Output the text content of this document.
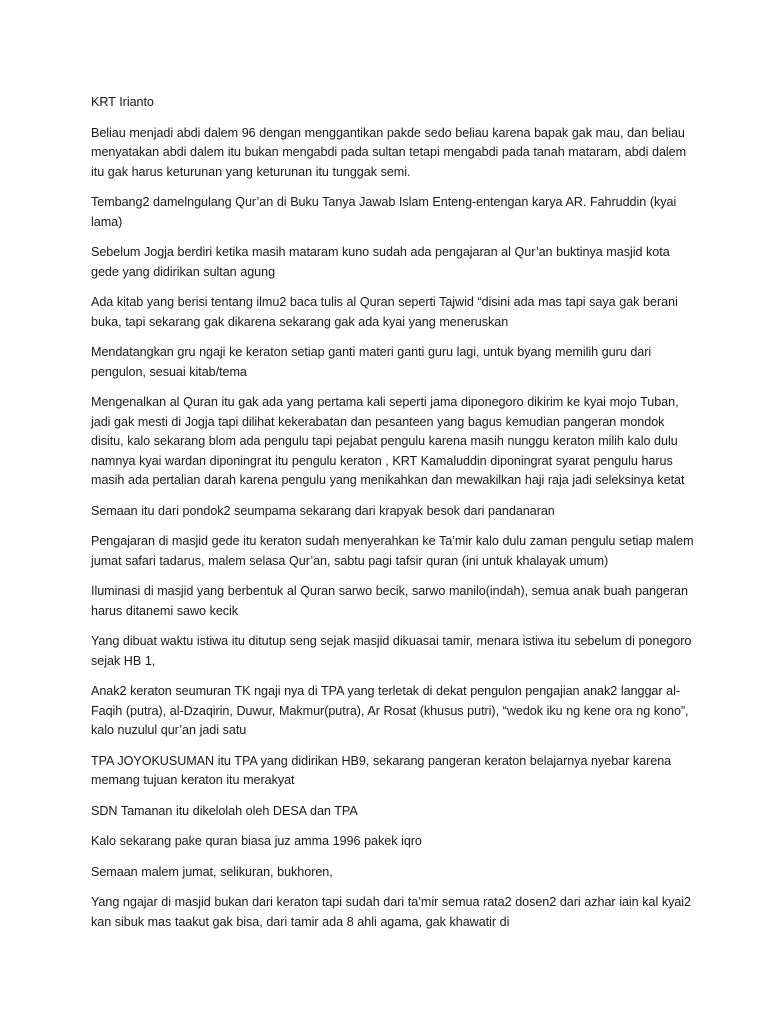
KRT Irianto

Beliau menjadi abdi dalem 96 dengan menggantikan pakde sedo beliau karena bapak gak mau, dan beliau menyatakan abdi dalem itu bukan mengabdi pada sultan tetapi mengabdi pada tanah mataram, abdi dalem itu gak harus keturunan yang keturunan itu tunggak semi.

Tembang2 damelngulang Qur’an di Buku Tanya Jawab Islam Enteng-entengan karya AR. Fahruddin (kyai lama)

Sebelum Jogja berdiri ketika masih mataram kuno sudah ada pengajaran al Qur’an buktinya masjid kota gede yang didirikan sultan agung

Ada kitab yang berisi tentang ilmu2 baca tulis al Quran seperti Tajwid “disini ada mas tapi saya gak berani buka, tapi sekarang gak dikarena sekarang gak ada kyai yang meneruskan

Mendatangkan gru ngaji ke keraton setiap ganti materi ganti guru lagi, untuk byang memilih guru dari pengulon, sesuai kitab/tema

Mengenalkan al Quran itu gak ada yang pertama kali seperti jama diponegoro dikirim ke kyai mojo Tuban, jadi gak mesti di Jogja tapi dilihat kekerabatan dan pesanteen yang bagus kemudian pangeran mondok disitu, kalo sekarang blom ada pengulu tapi pejabat pengulu karena masih nunggu keraton milih kalo dulu namnya kyai wardan diponingrat itu pengulu keraton , KRT Kamaluddin diponingrat syarat pengulu harus masih ada pertalian darah karena pengulu yang menikahkan dan mewakilkan haji raja jadi seleksinya ketat

Semaan itu dari pondok2 seumpama sekarang dari krapyak besok dari pandanaran

Pengajaran di masjid gede itu keraton sudah menyerahkan ke Ta’mir kalo dulu zaman pengulu setiap malem jumat safari tadarus, malem selasa Qur’an, sabtu pagi tafsir quran (ini untuk khalayak umum)

Iluminasi di masjid yang berbentuk al Quran sarwo becik, sarwo manilo(indah), semua anak buah pangeran harus ditanemi sawo kecik

Yang dibuat waktu istiwa itu ditutup seng sejak masjid dikuasai tamir, menara istiwa itu sebelum di ponegoro sejak HB 1,

Anak2 keraton seumuran TK ngaji nya di TPA yang terletak di dekat pengulon pengajian anak2 langgar al-Faqih (putra), al-Dzaqirin, Duwur, Makmur(putra), Ar Rosat (khusus putri), “wedok iku ng kene ora ng kono”, kalo nuzulul qur’an jadi satu

TPA JOYOKUSUMAN itu TPA yang didirikan HB9, sekarang pangeran keraton belajarnya nyebar karena memang tujuan keraton itu merakyat

SDN Tamanan itu dikelolah oleh DESA dan TPA

Kalo sekarang pake quran biasa juz amma 1996 pakek iqro

Semaan malem jumat, selikuran, bukhoren,

Yang ngajar di masjid bukan dari keraton tapi sudah dari ta’mir semua rata2 dosen2 dari azhar iain kal kyai2 kan sibuk mas taakut gak bisa, dari tamir ada 8 ahli agama, gak khawatir di
